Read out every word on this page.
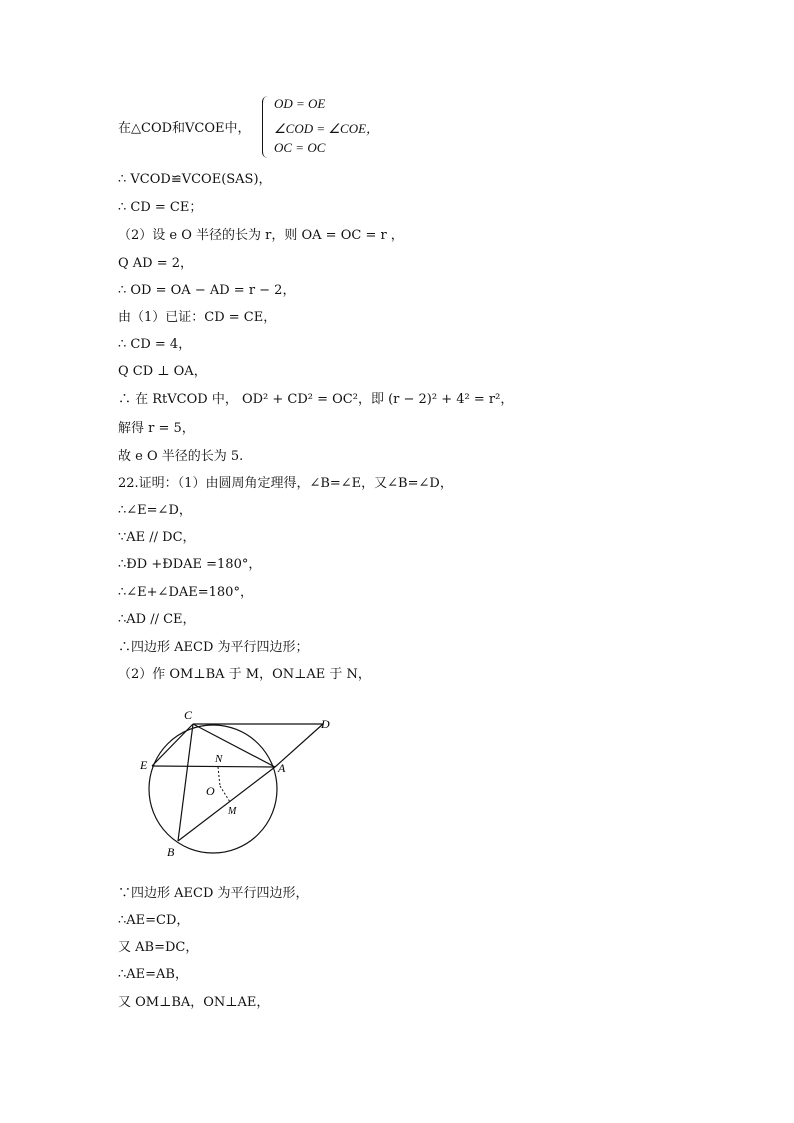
在△COD和VCOE中，
OD = OE
∠COD = ∠COE，
OC = OC
∴ VCOD≌VCOE(SAS)，
∴ CD = CE；
（2）设 e O 半径的长为 r，则 OA = OC = r ，
Q AD = 2，
∴ OD = OA − AD = r − 2，
由（1）已证：CD = CE，
∴ CD = 4，
Q CD ⊥ OA，
∴ 在 RtVCOD 中， OD² + CD² = OC²，即 (r − 2)² + 4² = r²，
解得 r = 5，
故 e O 半径的长为 5.
22.证明：（1）由圆周角定理得，∠B=∠E，又∠B=∠D，
∴∠E=∠D，
∵AE // DC，
∴ÐD +ÐDAE =180°，
∴∠E+∠DAE=180°，
∴AD // CE，
∴四边形 AECD 为平行四边形；
（2）作 OM⊥BA 于 M，ON⊥AE 于 N，
C
D
E	A
N
O
M
B
∵四边形 AECD 为平行四边形，
∴AE=CD，
又 AB=DC，
∴AE=AB，
又 OM⊥BA，ON⊥AE，
